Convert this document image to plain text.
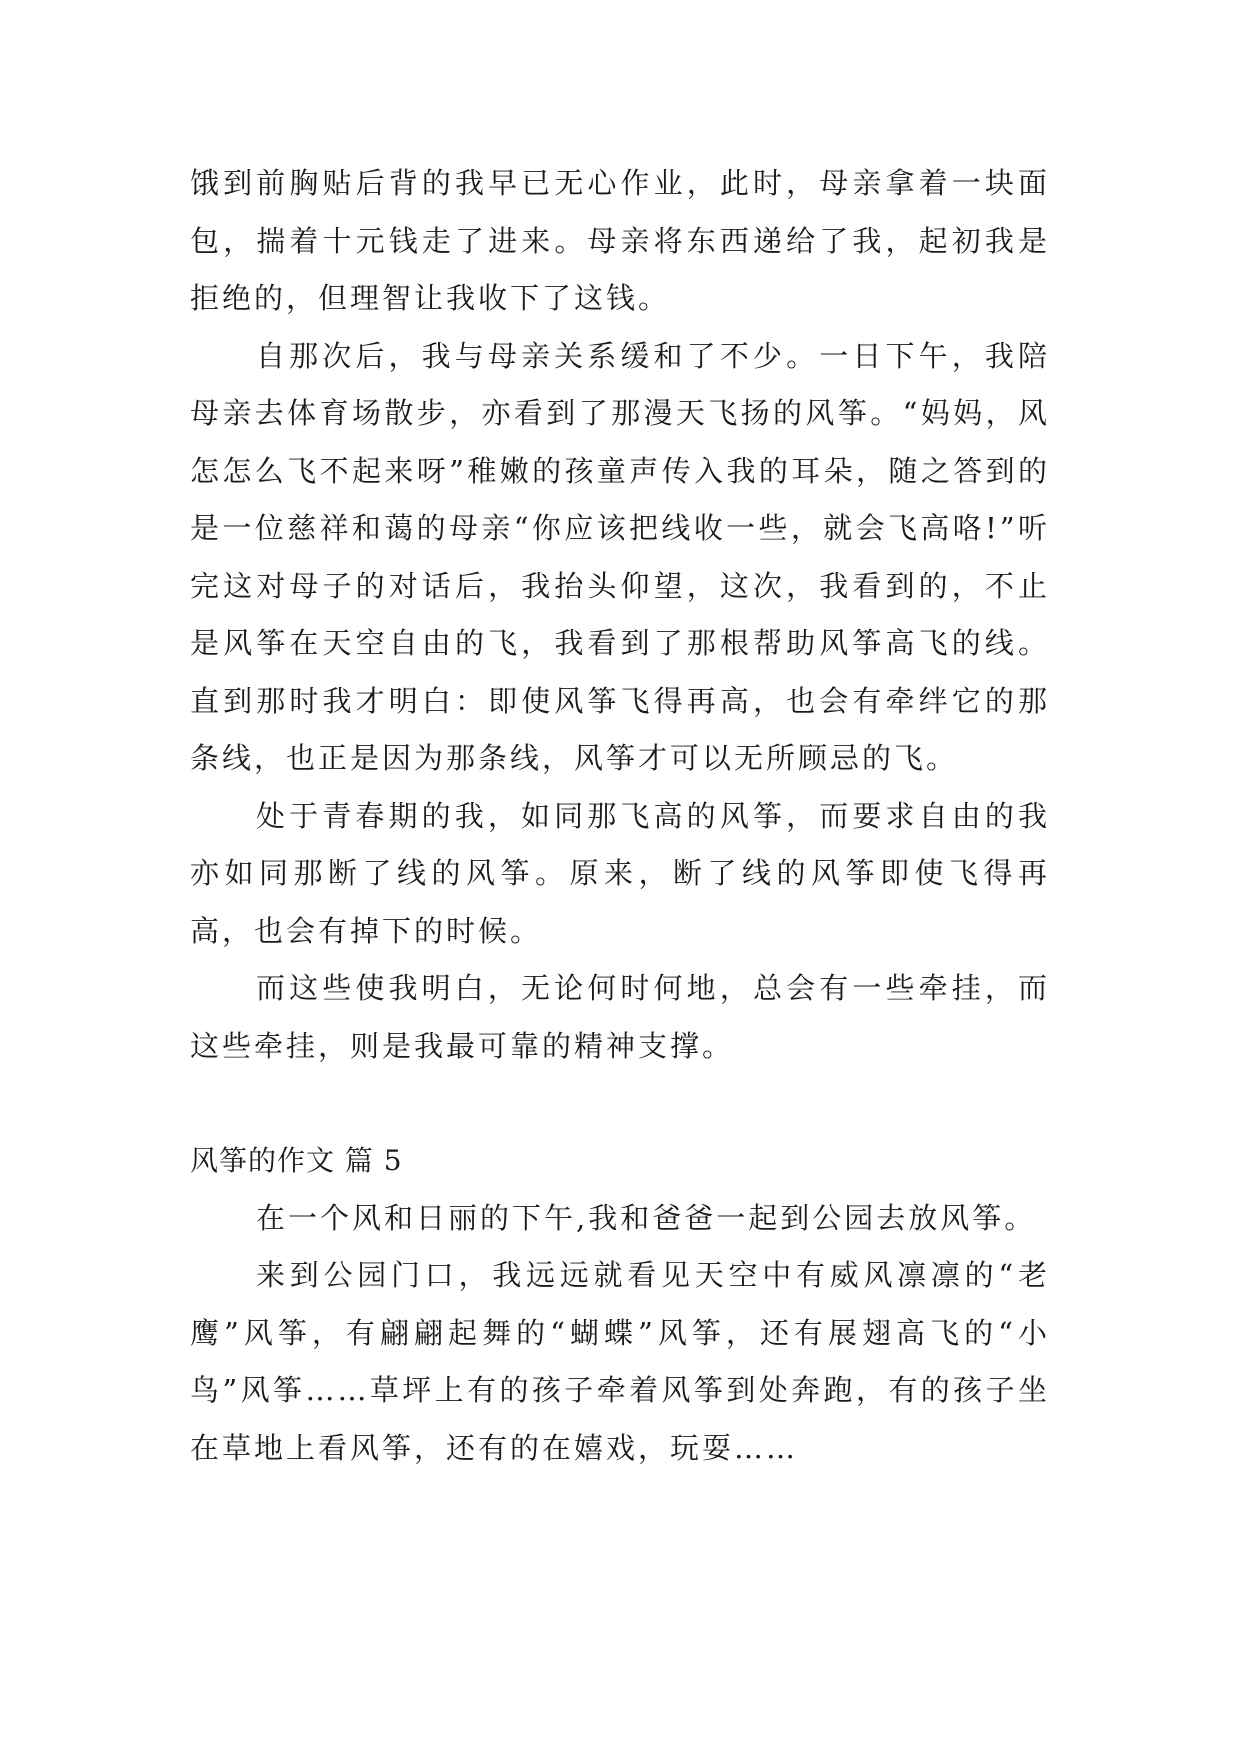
饿到前胸贴后背的我早已无心作业，此时，母亲拿着一块面包，揣着十元钱走了进来。母亲将东西递给了我，起初我是拒绝的，但理智让我收下了这钱。

自那次后，我与母亲关系缓和了不少。一日下午，我陪母亲去体育场散步，亦看到了那漫天飞扬的风筝。“妈妈，风怎怎么飞不起来呀”稚嫩的孩童声传入我的耳朵，随之答到的是一位慈祥和蔼的母亲“你应该把线收一些，就会飞高咯!”听完这对母子的对话后，我抬头仰望，这次，我看到的，不止是风筝在天空自由的飞，我看到了那根帮助风筝高飞的线。直到那时我才明白：即使风筝飞得再高，也会有牵绊它的那条线，也正是因为那条线，风筝才可以无所顾忌的飞。

处于青春期的我，如同那飞高的风筝，而要求自由的我亦如同那断了线的风筝。原来，断了线的风筝即使飞得再高，也会有掉下的时候。

而这些使我明白，无论何时何地，总会有一些牵挂，而这些牵挂，则是我最可靠的精神支撑。

风筝的作文 篇 5

在一个风和日丽的下午,我和爸爸一起到公园去放风筝。

来到公园门口，我远远就看见天空中有威风凛凛的“老鹰”风筝，有翩翩起舞的“蝴蝶”风筝，还有展翅高飞的“小鸟”风筝……草坪上有的孩子牵着风筝到处奔跑，有的孩子坐在草地上看风筝，还有的在嬉戏，玩耍……
